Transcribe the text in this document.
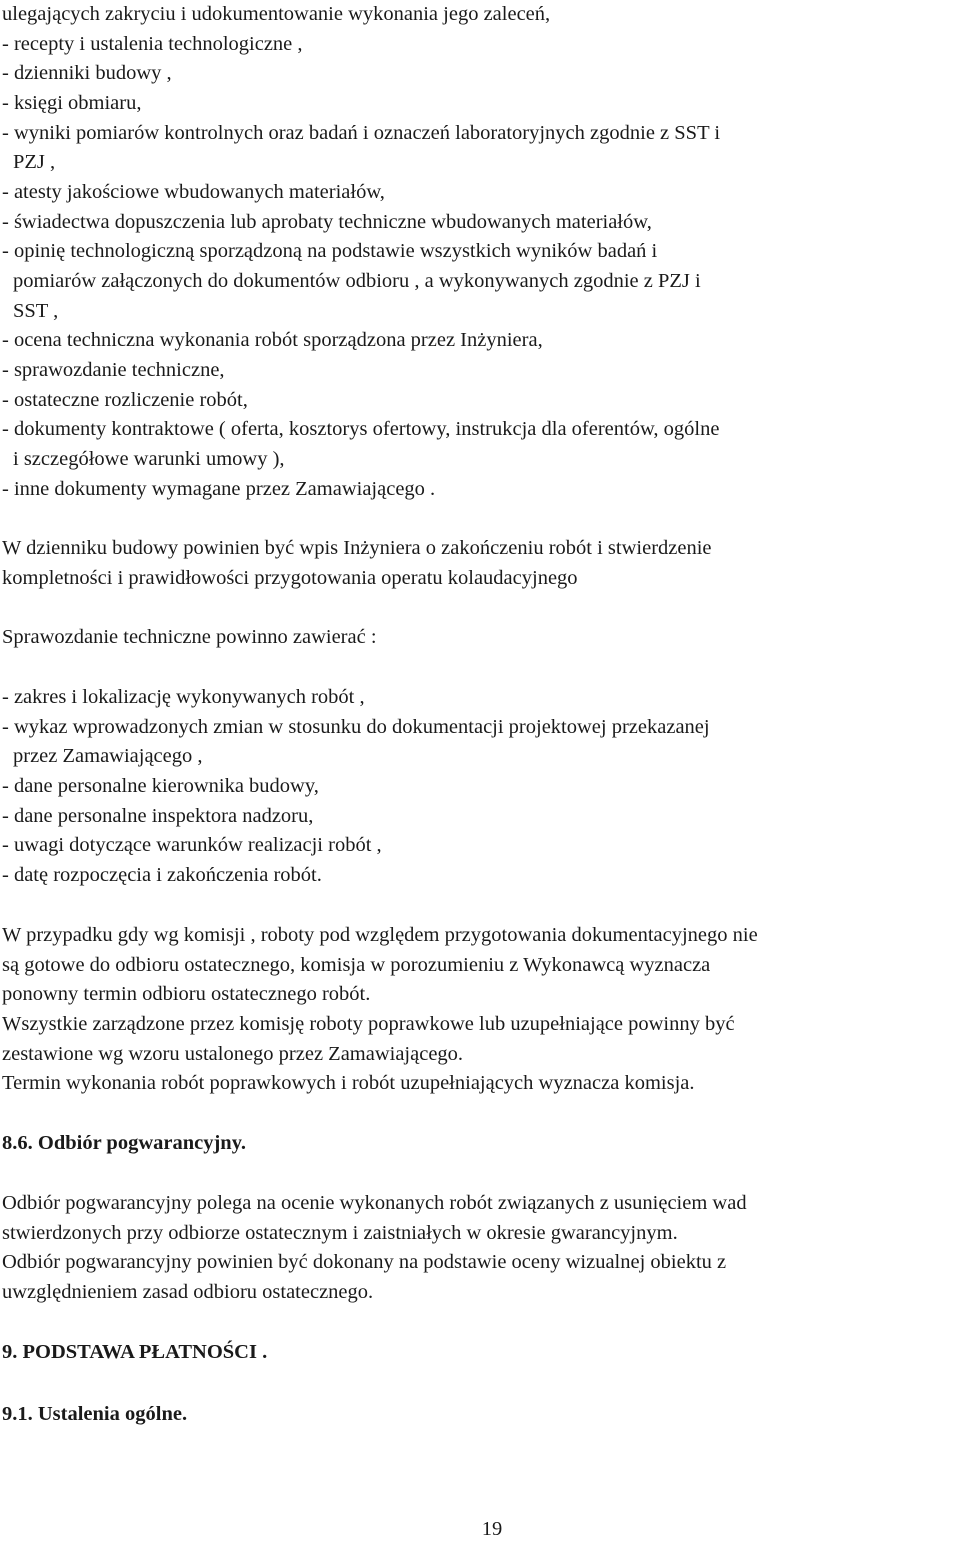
ulegających zakryciu i udokumentowanie wykonania jego zaleceń,
- recepty i ustalenia technologiczne ,
- dzienniki budowy ,
- księgi obmiaru,
- wyniki pomiarów kontrolnych oraz badań i oznaczeń laboratoryjnych zgodnie z SST i
PZJ ,
- atesty jakościowe wbudowanych materiałów,
- świadectwa dopuszczenia lub aprobaty techniczne wbudowanych materiałów,
- opinię technologiczną sporządzoną na podstawie wszystkich wyników badań i
pomiarów załączonych do dokumentów odbioru , a wykonywanych zgodnie z PZJ i
SST ,
- ocena techniczna wykonania robót sporządzona przez Inżyniera,
- sprawozdanie techniczne,
- ostateczne rozliczenie robót,
- dokumenty kontraktowe ( oferta, kosztorys ofertowy, instrukcja dla oferentów, ogólne
i szczegółowe warunki umowy ),
- inne dokumenty wymagane przez Zamawiającego .
W dzienniku budowy powinien być wpis Inżyniera o zakończeniu robót i stwierdzenie
kompletności i prawidłowości przygotowania operatu kolaudacyjnego
Sprawozdanie techniczne powinno zawierać :
- zakres i lokalizację wykonywanych robót ,
- wykaz wprowadzonych zmian w stosunku do dokumentacji projektowej przekazanej
przez Zamawiającego ,
- dane personalne kierownika budowy,
- dane personalne inspektora nadzoru,
- uwagi dotyczące warunków realizacji robót ,
- datę rozpoczęcia i zakończenia robót.
W przypadku gdy wg komisji , roboty pod względem przygotowania dokumentacyjnego nie
są gotowe do odbioru ostatecznego, komisja w porozumieniu z Wykonawcą wyznacza
ponowny termin odbioru ostatecznego robót.
Wszystkie zarządzone przez komisję roboty poprawkowe lub uzupełniające powinny być
zestawione wg wzoru ustalonego przez Zamawiającego.
Termin wykonania robót poprawkowych i robót uzupełniających wyznacza komisja.
8.6. Odbiór pogwarancyjny.
Odbiór pogwarancyjny polega na ocenie wykonanych robót związanych z usunięciem wad
stwierdzonych przy odbiorze ostatecznym i zaistniałych w okresie gwarancyjnym.
Odbiór pogwarancyjny powinien być dokonany na podstawie oceny wizualnej obiektu z
uwzględnieniem zasad odbioru ostatecznego.
9. PODSTAWA PŁATNOŚCI .
9.1. Ustalenia ogólne.
19
